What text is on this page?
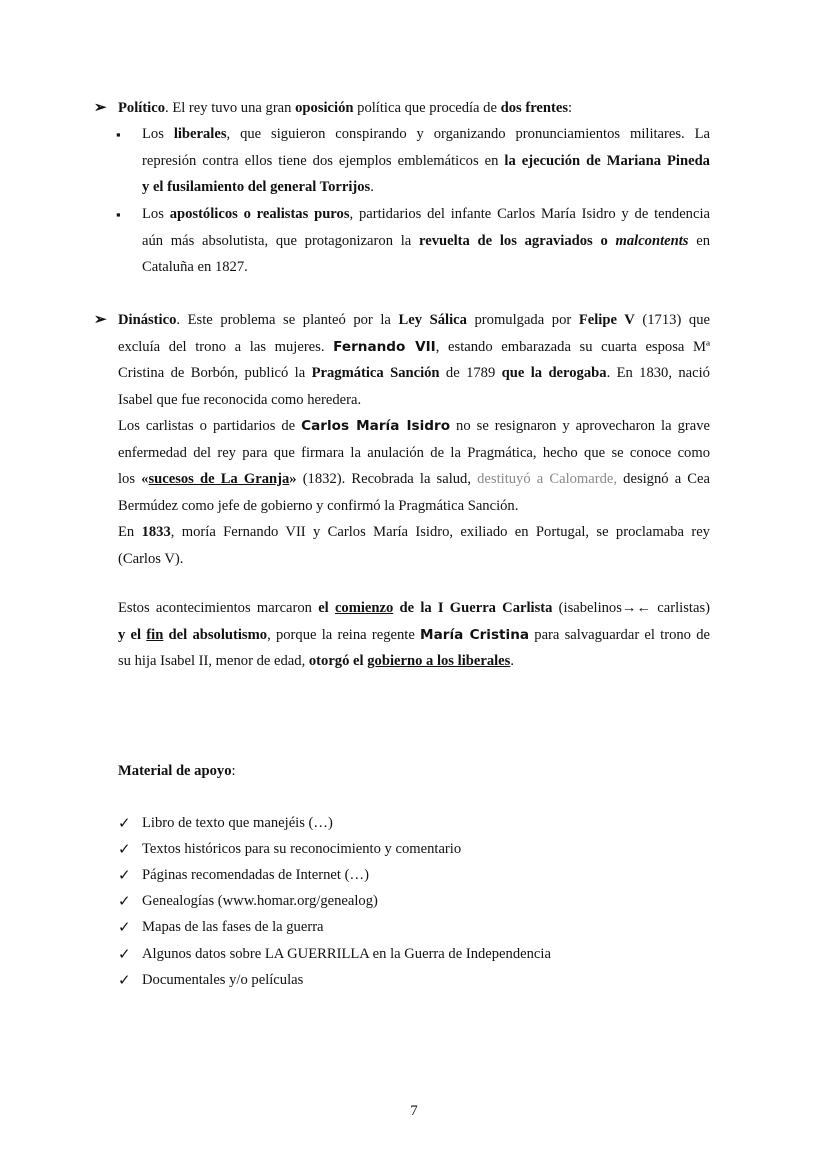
➢ Político. El rey tuvo una gran oposición política que procedía de dos frentes:
▪ Los liberales, que siguieron conspirando y organizando pronunciamientos militares. La
represión contra ellos tiene dos ejemplos emblemáticos en la ejecución de Mariana Pineda
y el fusilamiento del general Torrijos.
▪ Los apostólicos o realistas puros, partidarios del infante Carlos María Isidro y de tendencia
aún más absolutista, que protagonizaron la revuelta de los agraviados o malcontents en
Cataluña en 1827.
➢ Dinástico. Este problema se planteó por la Ley Sálica promulgada por Felipe V (1713) que
excluía del trono a las mujeres. Fernando VII, estando embarazada su cuarta esposa Mª
Cristina de Borbón, publicó la Pragmática Sanción de 1789 que la derogaba. En 1830, nació
Isabel que fue reconocida como heredera.
Los carlistas o partidarios de Carlos María Isidro no se resignaron y aprovecharon la grave
enfermedad del rey para que firmara la anulación de la Pragmática, hecho que se conoce como
los «sucesos de La Granja» (1832). Recobrada la salud, destituyó a Calomarde, designó a Cea
Bermúdez como jefe de gobierno y confirmó la Pragmática Sanción.
En 1833, moría Fernando VII y Carlos María Isidro, exiliado en Portugal, se proclamaba rey
(Carlos V).
Estos acontecimientos marcaron el comienzo de la I Guerra Carlista (isabelinos→← carlistas)
y el fin del absolutismo, porque la reina regente María Cristina para salvaguardar el trono de
su hija Isabel II, menor de edad, otorgó el gobierno a los liberales.
Material de apoyo:
✓ Libro de texto que manejéis (…)
✓ Textos históricos para su reconocimiento y comentario
✓ Páginas recomendadas de Internet (…)
✓ Genealogías (www.homar.org/genealog)
✓ Mapas de las fases de la guerra
✓ Algunos datos sobre LA GUERRILLA en la Guerra de Independencia
✓ Documentales y/o películas
7
